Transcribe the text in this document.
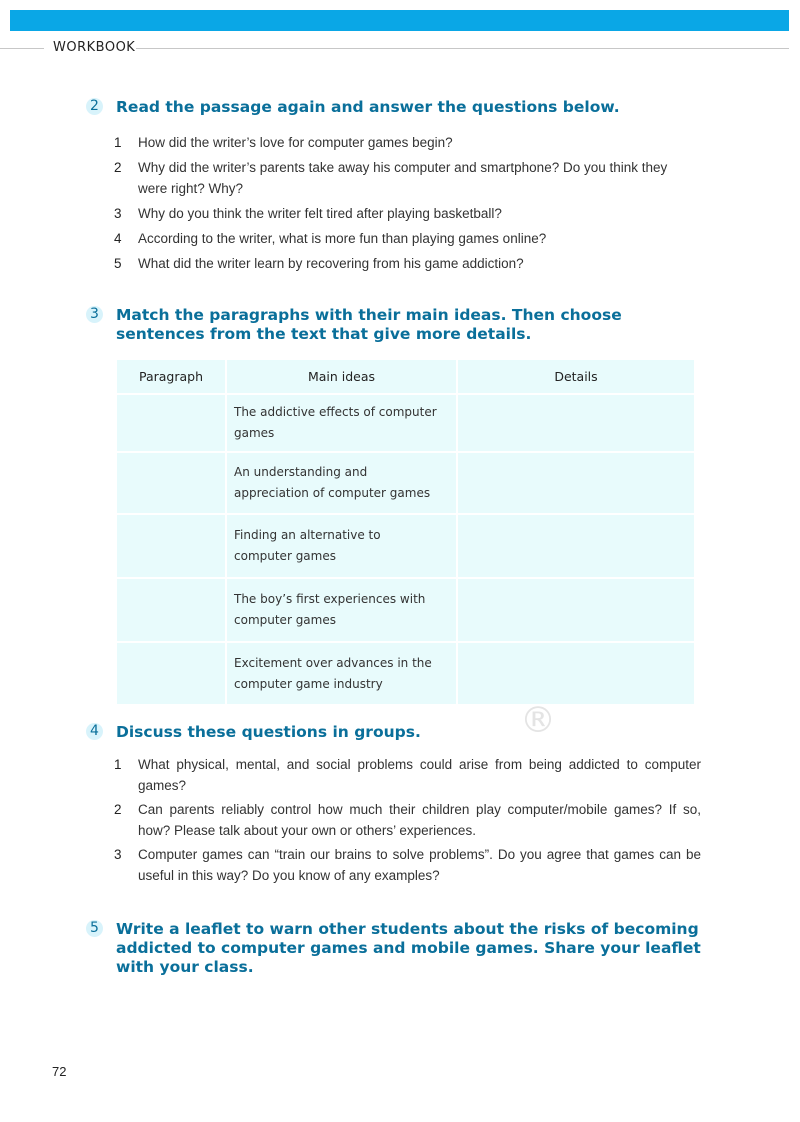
WORKBOOK
2 Read the passage again and answer the questions below.
1 How did the writer’s love for computer games begin?
2 Why did the writer’s parents take away his computer and smartphone? Do you think they were right? Why?
3 Why do you think the writer felt tired after playing basketball?
4 According to the writer, what is more fun than playing games online?
5 What did the writer learn by recovering from his game addiction?
3 Match the paragraphs with their main ideas. Then choose sentences from the text that give more details.
Paragraph	Main ideas	Details
	The addictive effects of computer games	
	An understanding and appreciation of computer games	
	Finding an alternative to computer games	
	The boy’s first experiences with computer games	
	Excitement over advances in the computer game industry	
®
4 Discuss these questions in groups.
1 What physical, mental, and social problems could arise from being addicted to computer games?
2 Can parents reliably control how much their children play computer/mobile games? If so, how? Please talk about your own or others’ experiences.
3 Computer games can “train our brains to solve problems”. Do you agree that games can be useful in this way? Do you know of any examples?
5 Write a leaflet to warn other students about the risks of becoming addicted to computer games and mobile games. Share your leaflet with your class.
72
